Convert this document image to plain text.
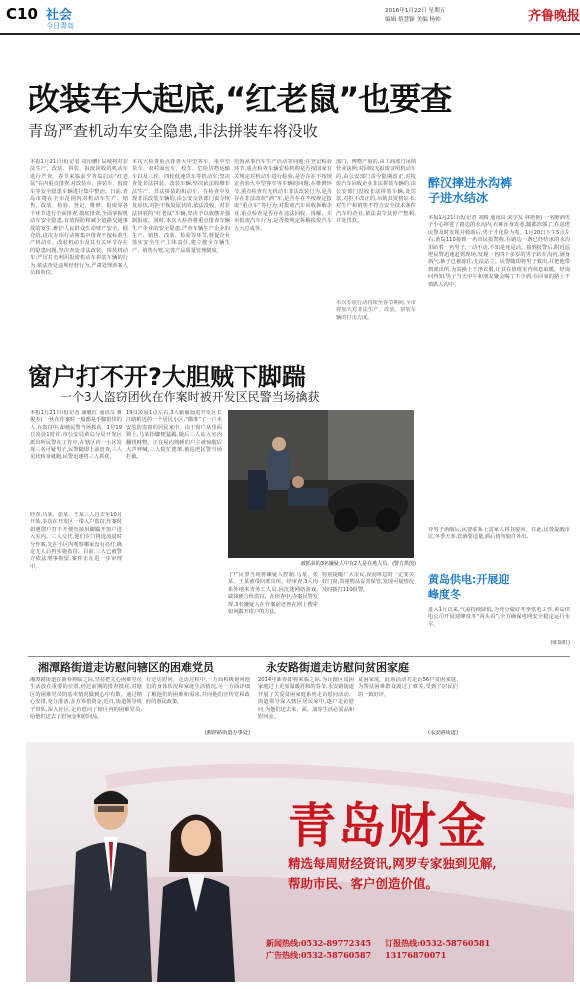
C10 社会
今日青岛
2016年1月22日 星期五
编辑 蔡慧颖 美编 杨帅	齐鲁晚报
改装车大起底,“红老鼠”也要查
青岛严查机动车安全隐患,非法拼装车将没收
本报1月21日讯(记者 周衍鹏) 岛城将对非法生产、改装、拼装、报废回收的机动车进行严查。春节来临前夕青岛启动“红老鼠”在内重点排查,对改装车、拼装车、报废车等安全隐患车辆进行集中整治。日前,青岛市将在全市范围内对机动车生产、销售、改装、检验、登记、维修、报废等各个环节进行全面排查,摸底排查,全面掌握机动车安全隐患,有效预防和减少道路交通事故的发生,维护人民群众生命财产安全。据介绍,这次专项行动将集中排查不按标准生产机动车、改装机动车及其有关环节存在的隐患问题,坚决查处非法改装、拼装机动车;严厉打击利用报废机动车拼装车辆的行为,依法查处违规经营行为,严肃处理涉案人员和单位。
本次大检查重点排查大中型客车、重中型货车、农村面包车、校车、危险货物运输车以及三轮、四轮低速货车等机动车;坚决查处非法拼装、改装车辆,坚决依法收缴非法生产、非法拼装的机动车。在检查中发现非法改装车辆的,由公安交管部门责令恢复原状,对拒不恢复原状的,依法没收。对非法拼装的“红老鼠”车辆,坚决予以收缴并强制报废。同时,本次大检查将重点排查车辆生产企业的安全隐患,严查车辆生产企业的生产、销售、改装、检验等环节,督促企业落实安全生产主体责任,建立健全车辆生产、销售台账,完善产品质量管理制度。
范围从事汽车生产活动等问题;在登记检验环节,重点检查车辆安检机构是否按国家有关规定对机动车进行检验,是否存在不按规定查验大中型客车等车辆的问题;在维修环节,重点检查有无机动车非法改装行为,是否存在非法改装“酒”车,是否存在不按规定报废“重点车”等行为;对报废汽车回收拆解企业,重点检查是否存在违法回收、拆解、买卖报废汽车行为,是否按规定拆解报废汽车五大总成等。
部门、博物产重的,由工商部门吊销营业执照;对回收无报废证明机动车的,由公安部门责令限期改正,对报废汽车回收企业非法拼装车辆的,由公安部门没收非法拼装车辆,处罚款;对拒不改正的,吊销其资格证书;对生产和销售不符合安全技术条件汽车的企业,依法责令其停产整顿,并处罚款。
本次专项行动持续至春节期间,全市将加大对非法生产、改装、拼装车辆的打击力度。
窗户打不开?大胆贼下脚踹
一个3人盗窃团伙在作案时被开发区民警当场擒获
本报1月21日讯(记者 潘魁红 通讯员 蒋俊杰) 一伙在作案时一般都是手脚很快的人,在盗窃中,却被民警当场抓获。1月19日凌晨1时许,市公安局黄岛分局开发区派出所民警在工作中,在辖区内一小区发现三名可疑男子,民警随即上前盘查,三人见状转身就跑,民警迅速将三人抓获。
经查,马某、张某、王某三人自去年10月开始,多次在开发区一带入户盗窃,作案时如遇窗户打不开便直接用脚踹开窗户进入室内。三人交代,他们专门挑选凌晨时分作案,先在小区内观察哪家没有亮灯,确定无人后再实施盗窃。目前,三人已被警方依法刑事拘留,案件正在进一步审理中。
19日凌晨1点左右,3人偷偷溜进开发区长江路附近的一个居民小区,“瞄准”了一户未安装防盗窗的居民家中。由于窗户从里面锁上,马某抬脚便猛踹,随后三人钻入室内翻找财物。正在屋内熟睡的户主被惊醒后大声呼喊,三人慌忙逃窜,被巡逻民警当场拦截。
被抓获的3名嫌疑人中有2人是在逃人员。(警方供图)
了!”民警当场将嫌疑人控制,马某、张某、王某被带回派出所。经审查,3人均系外地来青务工人员,因沉迷网络游戏,缺钱便合伙盗窃。在侦查中,办案民警发现,3名嫌疑人在作案前还曾在网上搜索如何踹开窗户的方法。
特别提醒广大市民,夜间休息时一定要关好门窗,贵重物品妥善保管,发现可疑情况及时拨打110报警。
醉汉摔进水沟裤子进水结冰
本报1月21日讯(记者 刘腾 通讯员 宋学友 林艳艳) 一名醉酒男子小心摔进了路边的水沟内,衣裤浑身发寒,腿都冻僵了,在巡逻民警及时发现并救助后,男子才化险为夷。1月20日下午5点左右,黄岛110接到一名市民报警称,在路边一条已经结冰的水沟里趴着一名男子,一动不动,不知是死是活。接到报警后,附近巡逻民警迅速赶到现场,发现一名四十多岁的男子趴在沟内,满身酒气,裤子已被冻住,无法站立。民警随即将男子救出,并把他带到派出所,为其换上干净衣服,让其在值班室内休息取暖。经询问得知,男子当天中午和朋友聚会喝了不少酒,在回家的路上不慎跌入沟中。
待男子酒醒后,民警联系上其家人将其接回。在此,民警提醒市民,冬季天寒,饮酒要适量,酒后切勿独自外出。
黄岛供电:开展迎峰度冬
进入1月以来,气温持续降低,为充分做好冬季供电工作,黄岛供电公司开展迎峰度冬“回头看”,全力确保电网安全稳定运行水平。
(陈瑞虹)
湘潭路街道走访慰问辖区的困难党员
湘潭路街道在新春将临之际,坚持把关心困难党员生活放在重要的位置,经过前期的排查摸底,对辖区的困难党员的基本情况做到心中有数。通过精心安排,充分准备,多方筹措资金,近日,街道领导班子带队,深入社区,走访慰问了辖区内的困难党员,给他们送去了慰问金和慰问品。
行走访慰问。走访过程中,一方面积极询问他们的身体状况和家庭生活情况,另一方面详细了解他们的困难和需求,并向他们宣传党和政府的惠民政策。
(湘潭路街道办事处)
永安路街道走访慰问贫困家庭
2014年新春即将来临之际,为让辖区贫困家庭过上更加温暖祥和的春节,永安路街道开展了关爱贫困家庭系列走访慰问活动。街道领导深入辖区居民家中,逐户走访慰问,为他们送去米、面、油等生活必需品和慰问金。
贫困家庭。此项活动共走访56户贫困家庭,为帮扶困难群众渡过了难关,受到了居民们的一致好评。
(永安路街道)
青岛财金
精选每周财经资讯,网罗专家独到见解,
帮助市民、客户创造价值。
新闻热线:0532-89772345 订报热线:0532-58760581
广告热线:0532-58760587 13176870071
